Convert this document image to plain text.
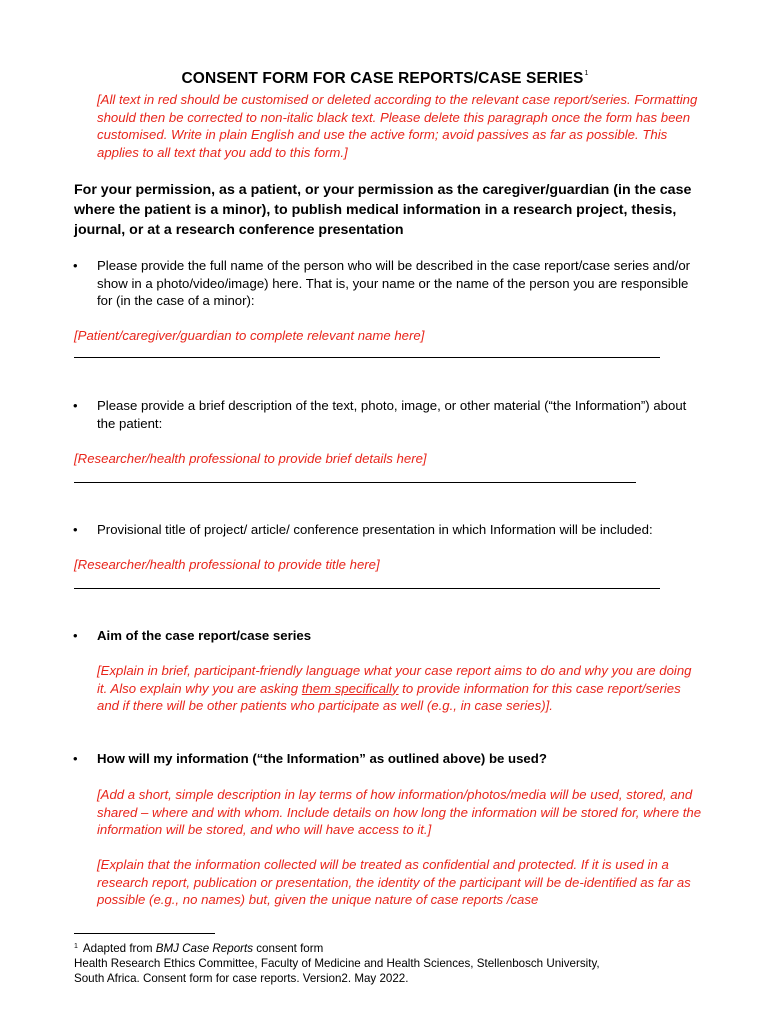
CONSENT FORM FOR CASE REPORTS/CASE SERIES$^1$
[All text in red should be customised or deleted according to the relevant case report/series. Formatting should then be corrected to non-italic black text. Please delete this paragraph once the form has been customised. Write in plain English and use the active form; avoid passives as far as possible. This applies to all text that you add to this form.]
For your permission, as a patient, or your permission as the caregiver/guardian (in the case where the patient is a minor), to publish medical information in a research project, thesis, journal, or at a research conference presentation
• Please provide the full name of the person who will be described in the case report/case series and/or show in a photo/video/image) here. That is, your name or the name of the person you are responsible for (in the case of a minor):
[Patient/caregiver/guardian to complete relevant name here]
• Please provide a brief description of the text, photo, image, or other material (“the Information”) about the patient:
[Researcher/health professional to provide brief details here]
• Provisional title of project/ article/ conference presentation in which Information will be included:
[Researcher/health professional to provide title here]
• Aim of the case report/case series
[Explain in brief, participant-friendly language what your case report aims to do and why you are doing it. Also explain why you are asking them specifically to provide information for this case report/series and if there will be other patients who participate as well (e.g., in case series)].
• How will my information (“the Information” as outlined above) be used?
[Add a short, simple description in lay terms of how information/photos/media will be used, stored, and shared – where and with whom. Include details on how long the information will be stored for, where the information will be stored, and who will have access to it.]
[Explain that the information collected will be treated as confidential and protected. If it is used in a research report, publication or presentation, the identity of the participant will be de-identified as far as possible (e.g., no names) but, given the unique nature of case reports /case
$^1$ Adapted from BMJ Case Reports consent form
Health Research Ethics Committee, Faculty of Medicine and Health Sciences, Stellenbosch University,
South Africa. Consent form for case reports. Version2. May 2022.
